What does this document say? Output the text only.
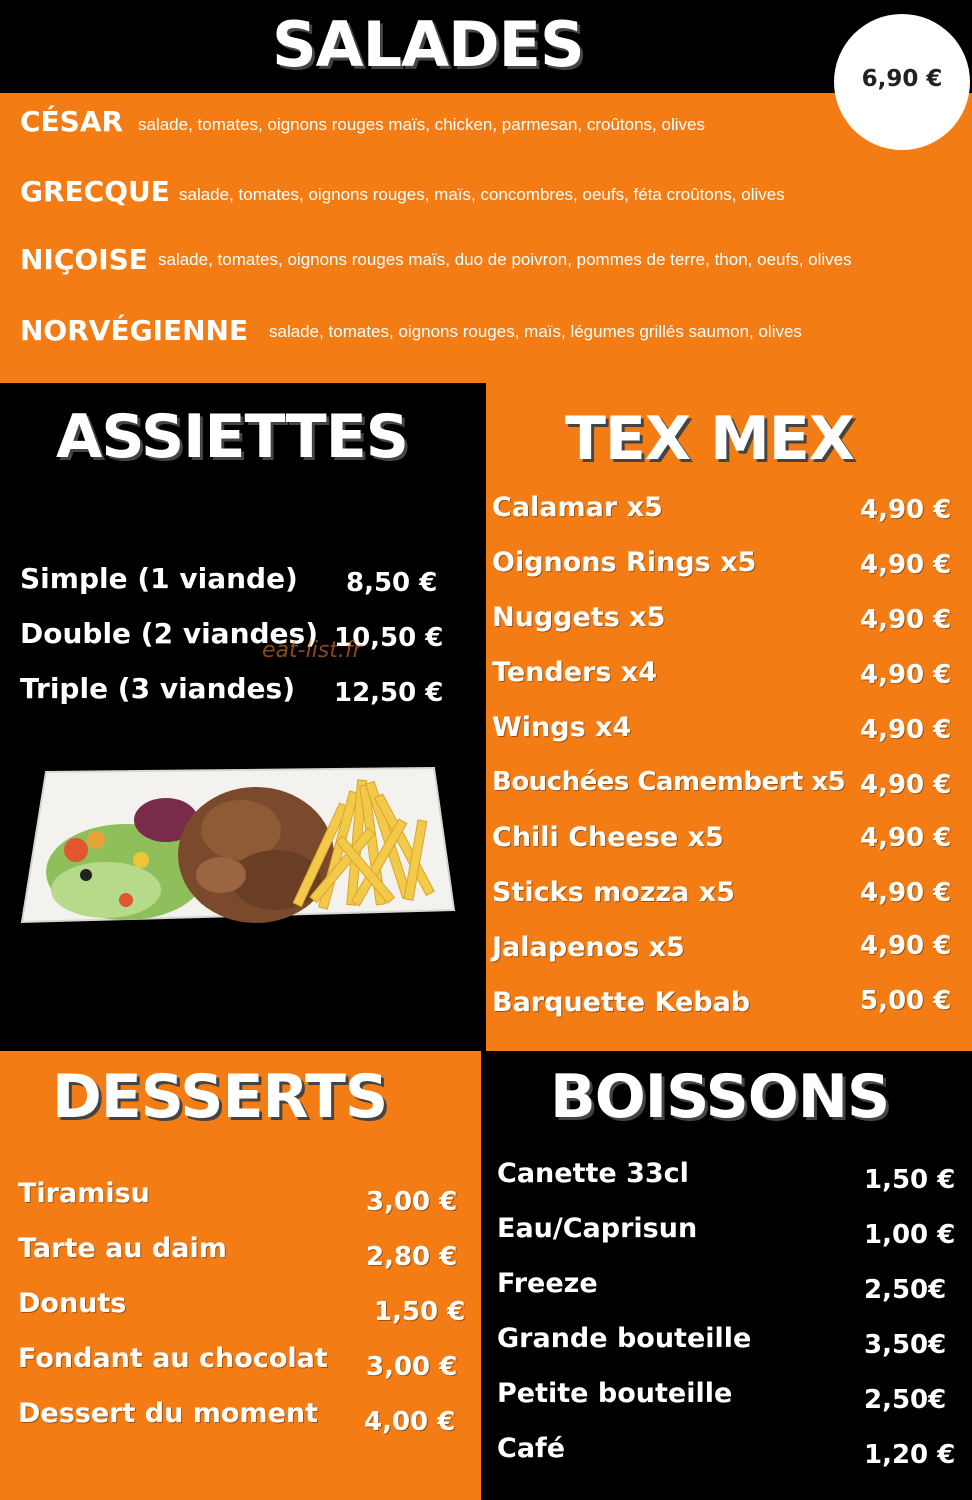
SALADES	6,90 €
CÉSAR salade, tomates, oignons rouges maïs, chicken, parmesan, croûtons, olives
GRECQUE salade, tomates, oignons rouges, maïs, concombres, oeufs, féta croûtons, olives
NIÇOISE salade, tomates, oignons rouges maïs, duo de poivron, pommes de terre, thon, oeufs, olives
NORVÉGIENNE salade, tomates, oignons rouges, maïs, légumes grillés saumon, olives
ASSIETTES
Simple (1 viande) 8,50 €
Double (2 viandes) 10,50 €
Triple (3 viandes) 12,50 €
eat-list.fr
TEX MEX
Calamar x5	4,90 €
Oignons Rings x5	4,90 €
Nuggets x5	4,90 €
Tenders x4	4,90 €
Wings x4	4,90 €
Bouchées Camembert x5 4,90 €
Chili Cheese x5	4,90 €
Sticks mozza x5	4,90 €
Jalapenos x5	4,90 €
Barquette Kebab	5,00 €
DESSERTS
Tiramisu	3,00 €
Tarte au daim	2,80 €
Donuts	1,50 €
Fondant au chocolat 3,00 €
Dessert du moment 4,00 €
BOISSONS
Canette 33cl	1,50 €
Eau/Caprisun	1,00 €
Freeze	2,50€
Grande bouteille	3,50€
Petite bouteille	2,50€
Café	1,20 €
